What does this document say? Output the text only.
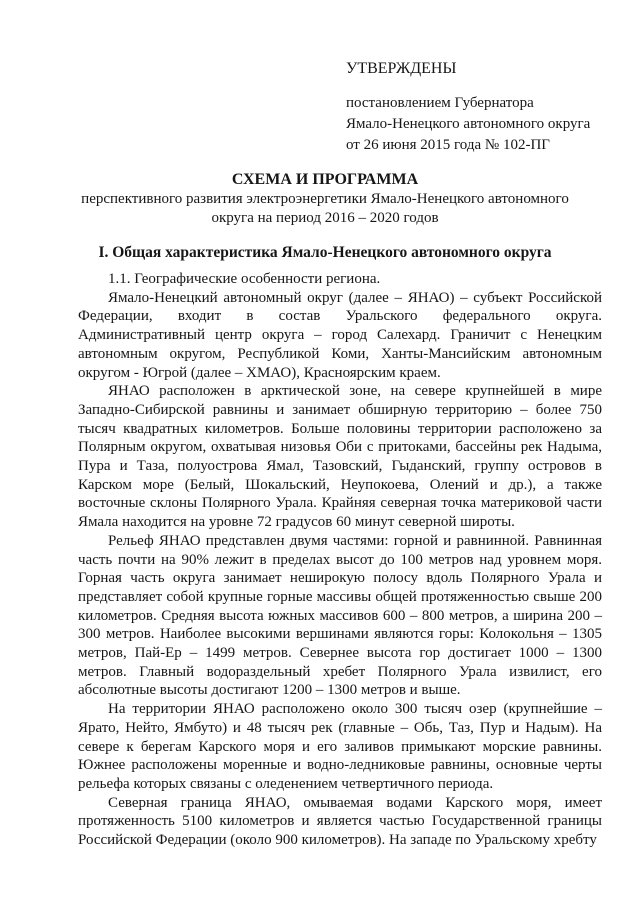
УТВЕРЖДЕНЫ
постановлением Губернатора
Ямало-Ненецкого автономного округа
от 26 июня 2015 года № 102-ПГ
СХЕМА И ПРОГРАММА
перспективного развития электроэнергетики Ямало-Ненецкого автономного
округа на период 2016 – 2020 годов
I. Общая характеристика Ямало-Ненецкого автономного округа

1.1. Географические особенности региона.

Ямало-Ненецкий автономный округ (далее – ЯНАО) – субъект Российской Федерации, входит в состав Уральского федерального округа. Административный центр округа – город Салехард. Граничит с Ненецким автономным округом, Республикой Коми, Ханты-Мансийским автономным округом - Югрой (далее – ХМАО), Красноярским краем.

ЯНАО расположен в арктической зоне, на севере крупнейшей в мире Западно-Сибирской равнины и занимает обширную территорию – более 750 тысяч квадратных километров. Больше половины территории расположено за Полярным округом, охватывая низовья Оби с притоками, бассейны рек Надыма, Пура и Таза, полуострова Ямал, Тазовский, Гыданский, группу островов в Карском море (Белый, Шокальский, Неупокоева, Олений и др.), а также восточные склоны Полярного Урала. Крайняя северная точка материковой части Ямала находится на уровне 72 градусов 60 минут северной широты.

Рельеф ЯНАО представлен двумя частями: горной и равнинной. Равнинная часть почти на 90% лежит в пределах высот до 100 метров над уровнем моря. Горная часть округа занимает неширокую полосу вдоль Полярного Урала и представляет собой крупные горные массивы общей протяженностью свыше 200 километров. Средняя высота южных массивов 600 – 800 метров, а ширина 200 – 300 метров. Наиболее высокими вершинами являются горы: Колокольня – 1305 метров, Пай-Ер – 1499 метров. Севернее высота гор достигает 1000 – 1300 метров. Главный водораздельный хребет Полярного Урала извилист, его абсолютные высоты достигают 1200 – 1300 метров и выше.

На территории ЯНАО расположено около 300 тысяч озер (крупнейшие – Ярато, Нейто, Ямбуто) и 48 тысяч рек (главные – Обь, Таз, Пур и Надым). На севере к берегам Карского моря и его заливов примыкают морские равнины. Южнее расположены моренные и водно-ледниковые равнины, основные черты рельефа которых связаны с оледенением четвертичного периода.

Северная граница ЯНАО, омываемая водами Карского моря, имеет протяженность 5100 километров и является частью Государственной границы Российской Федерации (около 900 километров). На западе по Уральскому хребту
